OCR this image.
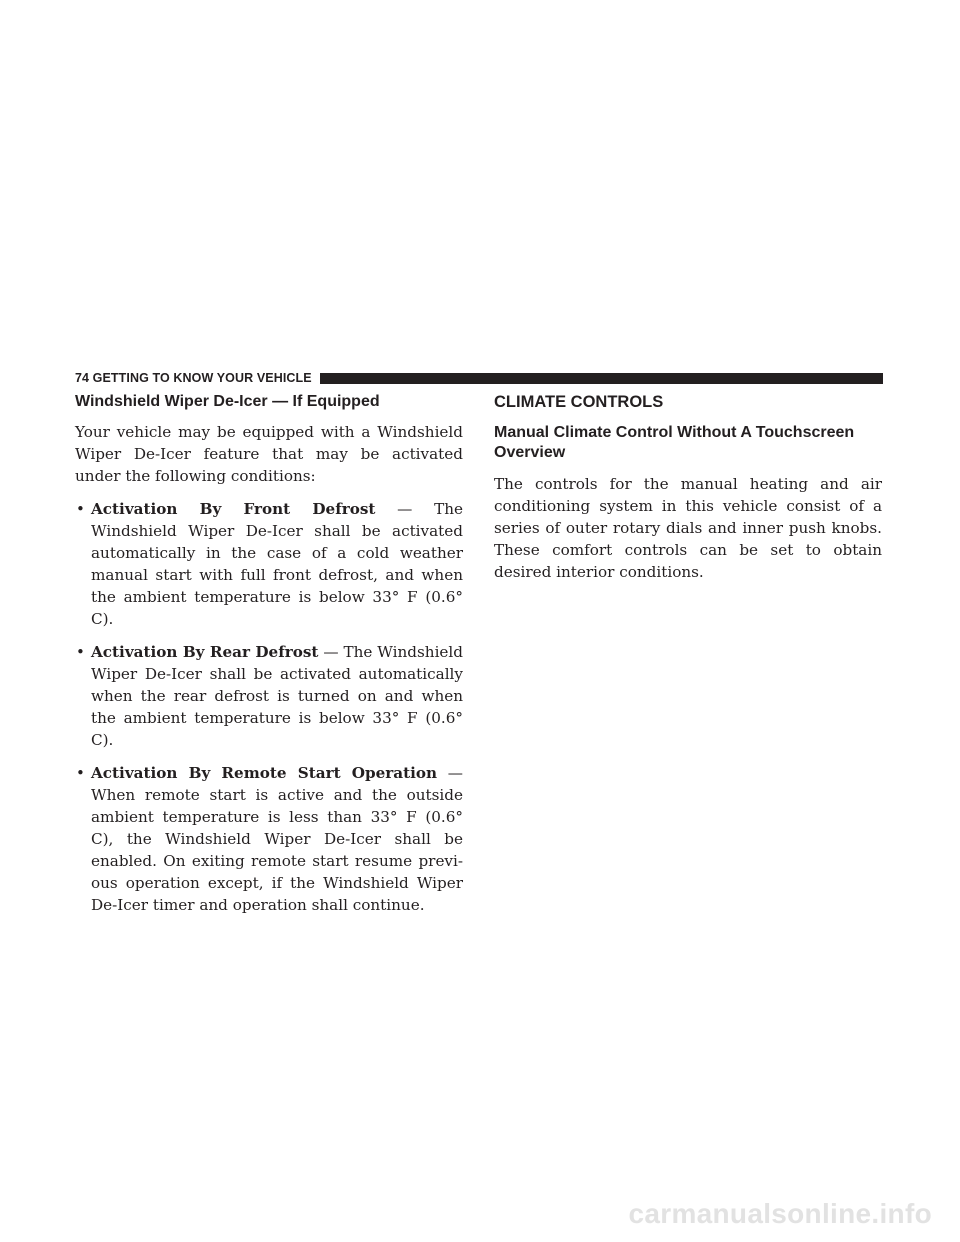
74 GETTING TO KNOW YOUR VEHICLE
Windshield Wiper De-Icer — If Equipped

Your vehicle may be equipped with a Windshield Wiper De-Icer feature that may be activated under the following conditions:

• Activation By Front Defrost — The Windshield Wiper De-Icer shall be activated automatically in the case of a cold weather manual start with full front defrost, and when the ambient temperature is below 33° F (0.6° C).

• Activation By Rear Defrost — The Windshield Wiper De-Icer shall be activated automatically when the rear defrost is turned on and when the ambient temperature is below 33° F (0.6° C).

• Activation By Remote Start Operation — When remote start is active and the outside ambient temperature is less than 33° F (0.6° C), the Windshield Wiper De-Icer shall be enabled. On exiting remote start resume previ-ous operation except, if the Windshield Wiper De-Icer timer and operation shall continue.

CLIMATE CONTROLS
Manual Climate Control Without A Touchscreen Overview

The controls for the manual heating and air conditioning system in this vehicle consist of a series of outer rotary dials and inner push knobs. These comfort controls can be set to obtain desired interior conditions.

carmanualsonline.info
